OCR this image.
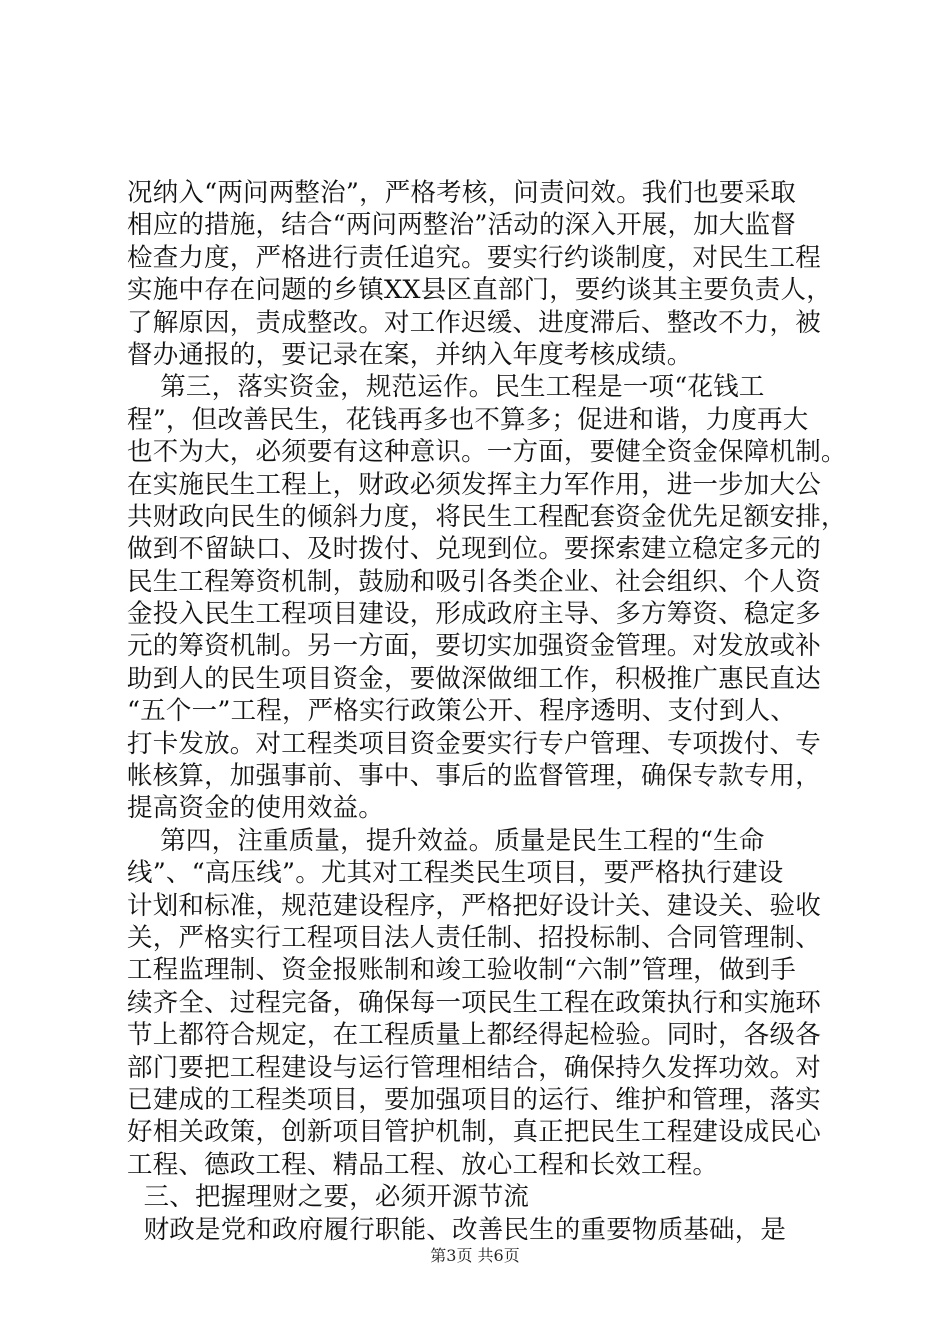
况纳入“两问两整治”，严格考核，问责问效。我们也要采取
相应的措施，结合“两问两整治”活动的深入开展，加大监督
检查力度，严格进行责任追究。要实行约谈制度，对民生工程
实施中存在问题的乡镇XX县区直部门，要约谈其主要负责人，
了解原因，责成整改。对工作迟缓、进度滞后、整改不力，被
督办通报的，要记录在案，并纳入年度考核成绩。
第三，落实资金，规范运作。民生工程是一项“花钱工
程”，但改善民生，花钱再多也不算多；促进和谐，力度再大
也不为大，必须要有这种意识。一方面，要健全资金保障机制。
在实施民生工程上，财政必须发挥主力军作用，进一步加大公
共财政向民生的倾斜力度，将民生工程配套资金优先足额安排，
做到不留缺口、及时拨付、兑现到位。要探索建立稳定多元的
民生工程筹资机制，鼓励和吸引各类企业、社会组织、个人资
金投入民生工程项目建设，形成政府主导、多方筹资、稳定多
元的筹资机制。另一方面，要切实加强资金管理。对发放或补
助到人的民生项目资金，要做深做细工作，积极推广惠民直达
“五个一”工程，严格实行政策公开、程序透明、支付到人、
打卡发放。对工程类项目资金要实行专户管理、专项拨付、专
帐核算，加强事前、事中、事后的监督管理，确保专款专用，
提高资金的使用效益。
第四，注重质量，提升效益。质量是民生工程的“生命
线”、“高压线”。尤其对工程类民生项目，要严格执行建设
计划和标准，规范建设程序，严格把好设计关、建设关、验收
关，严格实行工程项目法人责任制、招投标制、合同管理制、
工程监理制、资金报账制和竣工验收制“六制”管理，做到手
续齐全、过程完备，确保每一项民生工程在政策执行和实施环
节上都符合规定，在工程质量上都经得起检验。同时，各级各
部门要把工程建设与运行管理相结合，确保持久发挥功效。对
已建成的工程类项目，要加强项目的运行、维护和管理，落实
好相关政策，创新项目管护机制，真正把民生工程建设成民心
工程、德政工程、精品工程、放心工程和长效工程。
三、把握理财之要，必须开源节流
财政是党和政府履行职能、改善民生的重要物质基础，是
第3页 共6页
